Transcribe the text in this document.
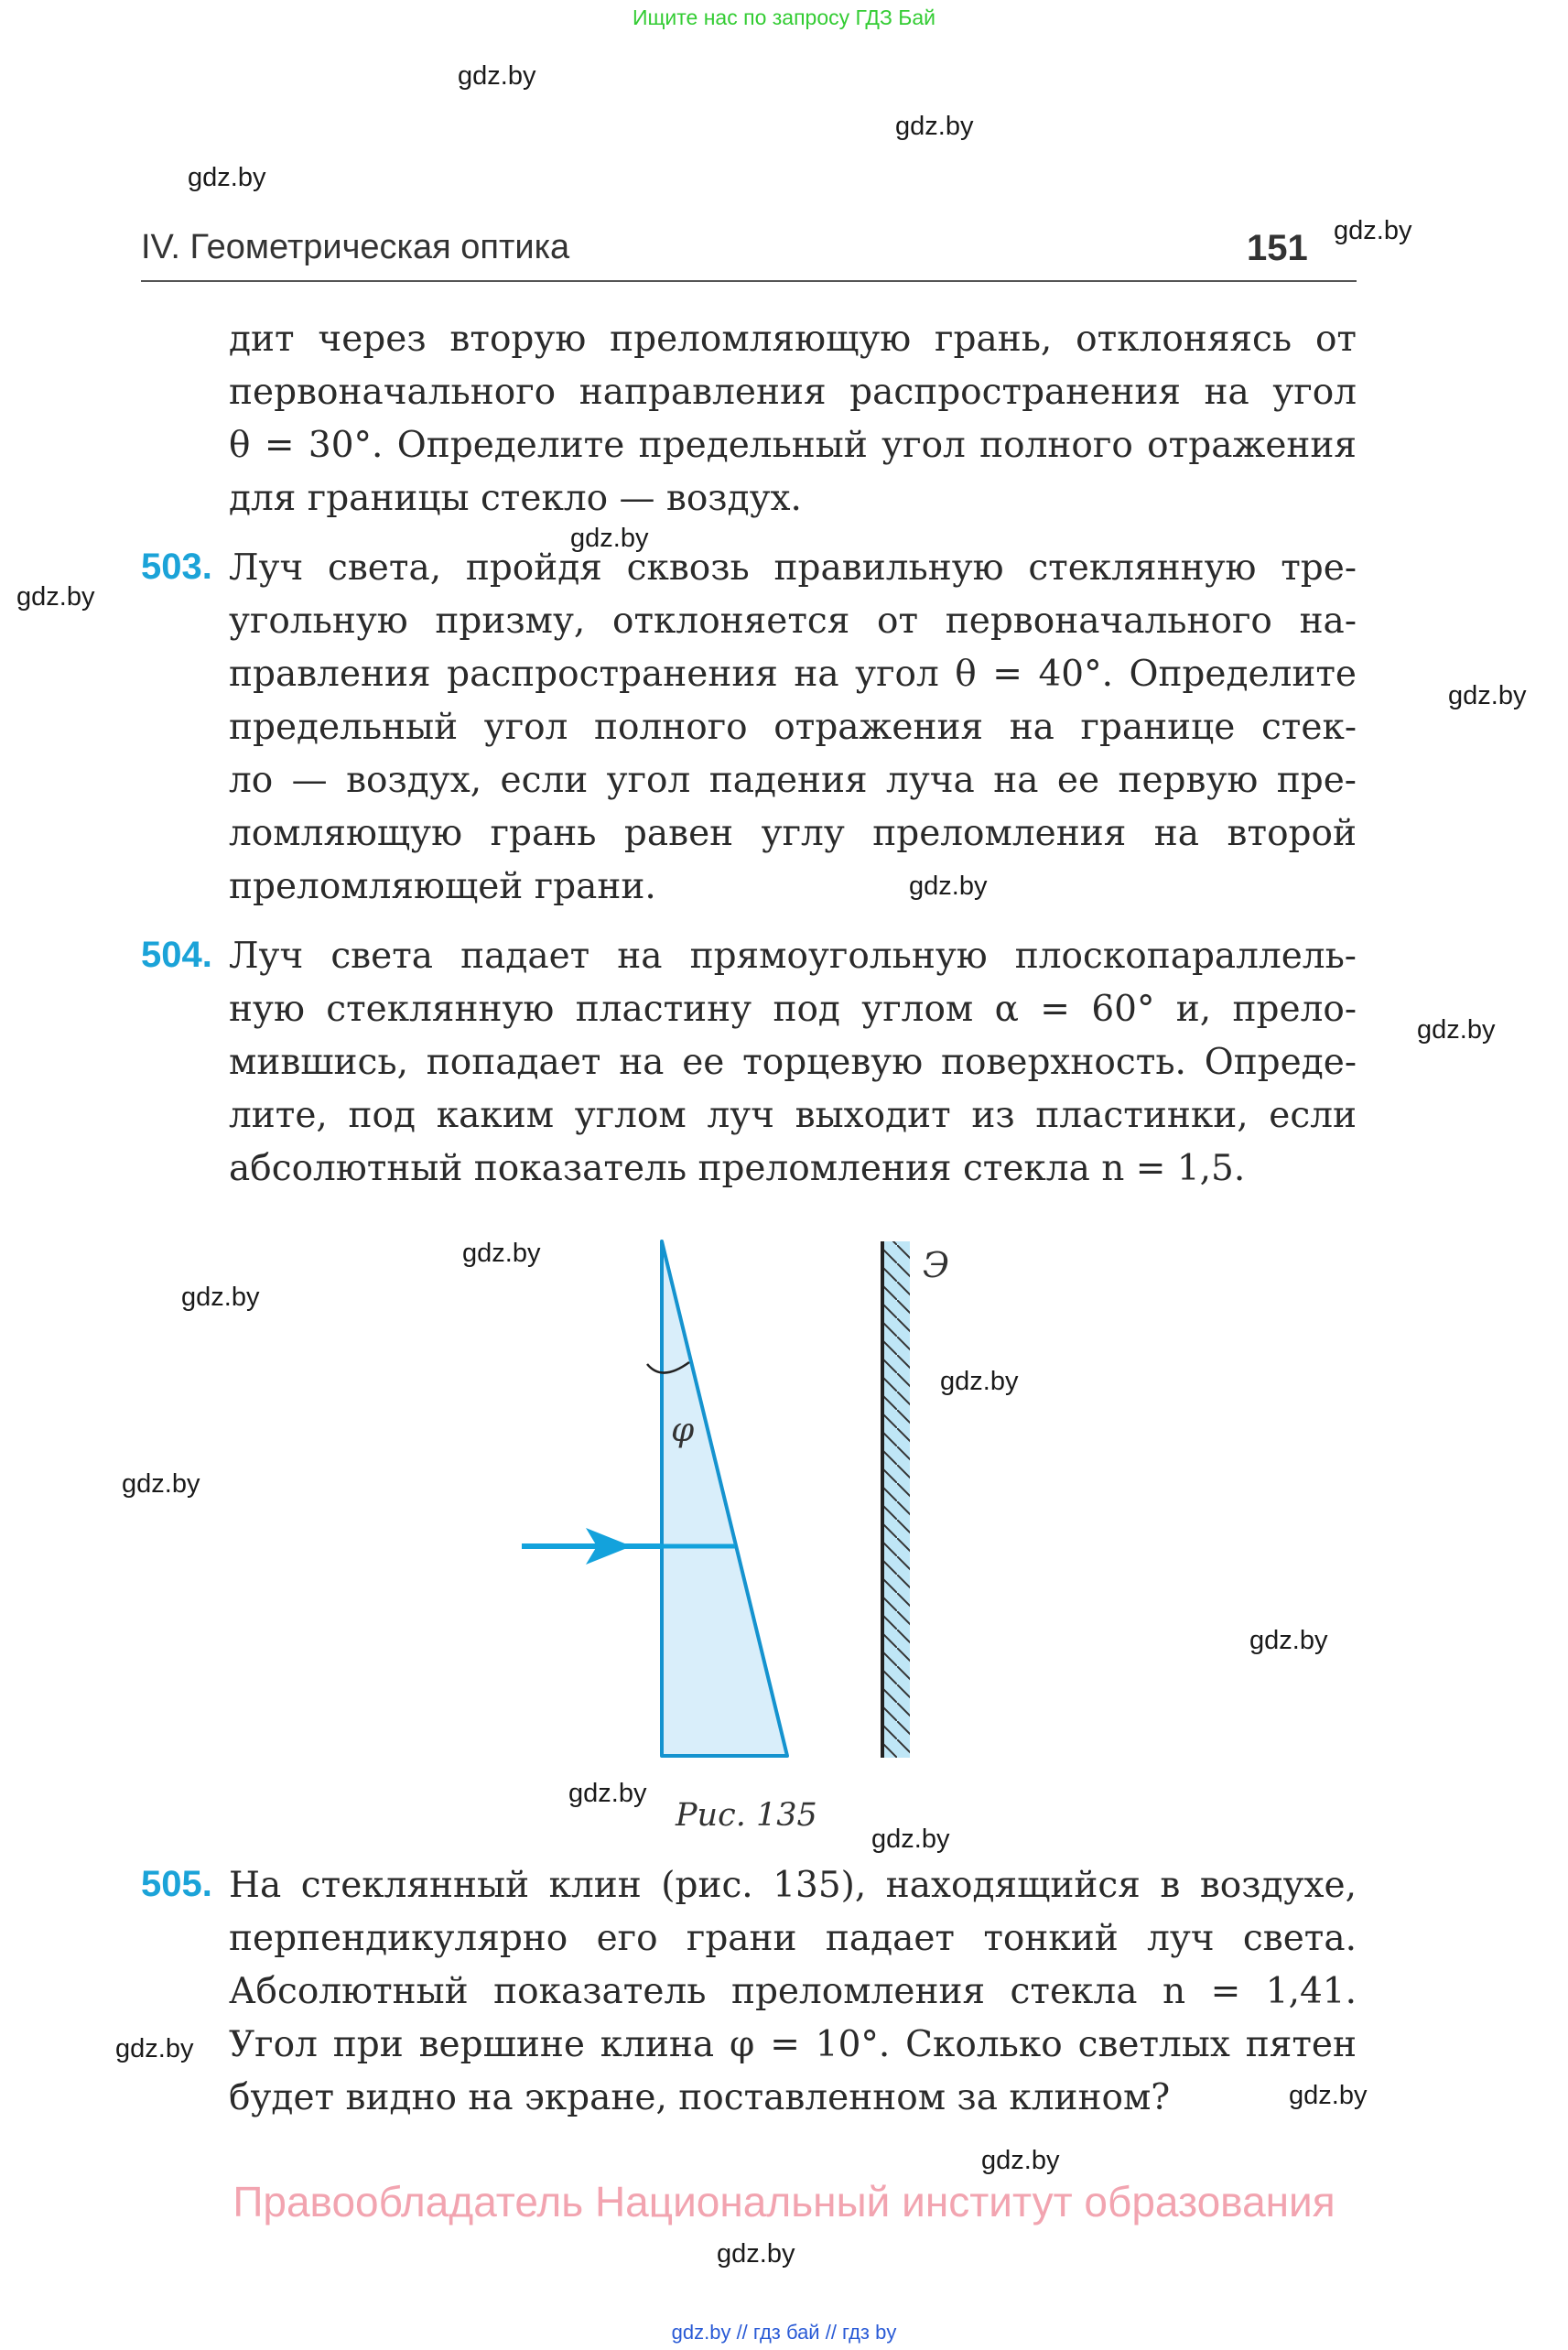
Ищите нас по запросу ГДЗ Бай
gdz.by
gdz.by
gdz.by
gdz.by
gdz.by
gdz.by
gdz.by
gdz.by
gdz.by
gdz.by
gdz.by
gdz.by
gdz.by
gdz.by
gdz.by
gdz.by
gdz.by
gdz.by
gdz.by
gdz.by
IV. Геометрическая оптика	151
дит через вторую преломляющую грань, отклоняясь от
первоначального направления распространения на угол
θ = 30°. Определите предельный угол полного отражения
для границы стекло — воздух.
503. Луч света, пройдя сквозь правильную стеклянную тре-
угольную призму, отклоняется от первоначального на-
правления распространения на угол θ = 40°. Определите
предельный угол полного отражения на границе стек-
ло — воздух, если угол падения луча на ее первую пре-
ломляющую грань равен углу преломления на второй
преломляющей грани.
504. Луч света падает на прямоугольную плоскопараллель-
ную стеклянную пластину под углом α = 60° и, прело-
мившись, попадает на ее торцевую поверхность. Опреде-
лите, под каким углом луч выходит из пластинки, если
абсолютный показатель преломления стекла n = 1,5.
φ
Э
Рис. 135
505. На стеклянный клин (рис. 135), находящийся в воздухе,
перпендикулярно его грани падает тонкий луч света.
Абсолютный показатель преломления стекла n = 1,41.
Угол при вершине клина φ = 10°. Сколько светлых пятен
будет видно на экране, поставленном за клином?
Правообладатель Национальный институт образования
gdz.by // гдз бай // гдз by
